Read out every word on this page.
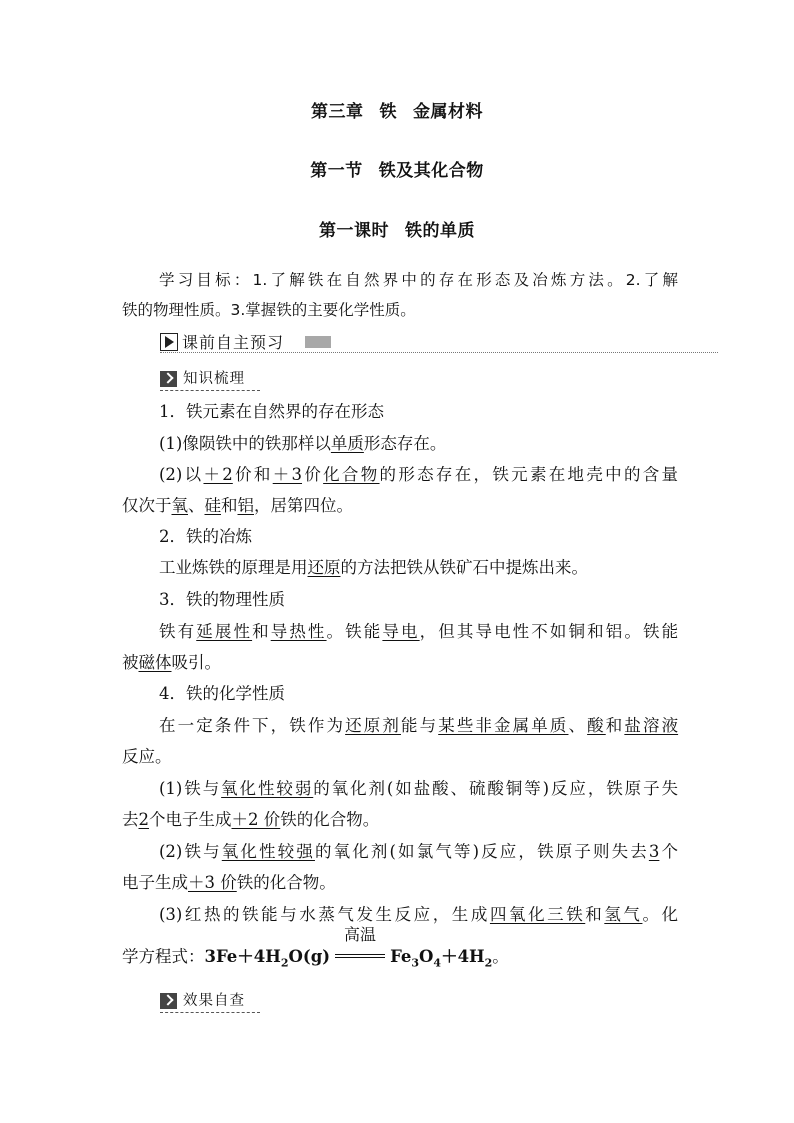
第三章 铁 金属材料
第一节 铁及其化合物
第一课时 铁的单质
学习目标：1.了解铁在自然界中的存在形态及冶炼方法。2.了解
铁的物理性质。3.掌握铁的主要化学性质。
课前自主预习
知识梳理
1．铁元素在自然界的存在形态
(1)像陨铁中的铁那样以单质形态存在。
(2)以＋2价和＋3价化合物的形态存在，铁元素在地壳中的含量
仅次于氧、硅和铝，居第四位。
2．铁的冶炼
工业炼铁的原理是用还原的方法把铁从铁矿石中提炼出来。
3．铁的物理性质
铁有延展性和导热性。铁能导电，但其导电性不如铜和铝。铁能
被磁体吸引。
4．铁的化学性质
在一定条件下，铁作为还原剂能与某些非金属单质、酸和盐溶液
反应。
(1)铁与氧化性较弱的氧化剂(如盐酸、硫酸铜等)反应，铁原子失
去2个电子生成＋2 价铁的化合物。
(2)铁与氧化性较强的氧化剂(如氯气等)反应，铁原子则失去3个
电子生成＋3 价铁的化合物。
(3)红热的铁能与水蒸气发生反应，生成四氧化三铁和氢气。化
学方程式：$3Fe+4H_2O(g)$
高温
$Fe_3O_4+4H_2$。
效果自查
